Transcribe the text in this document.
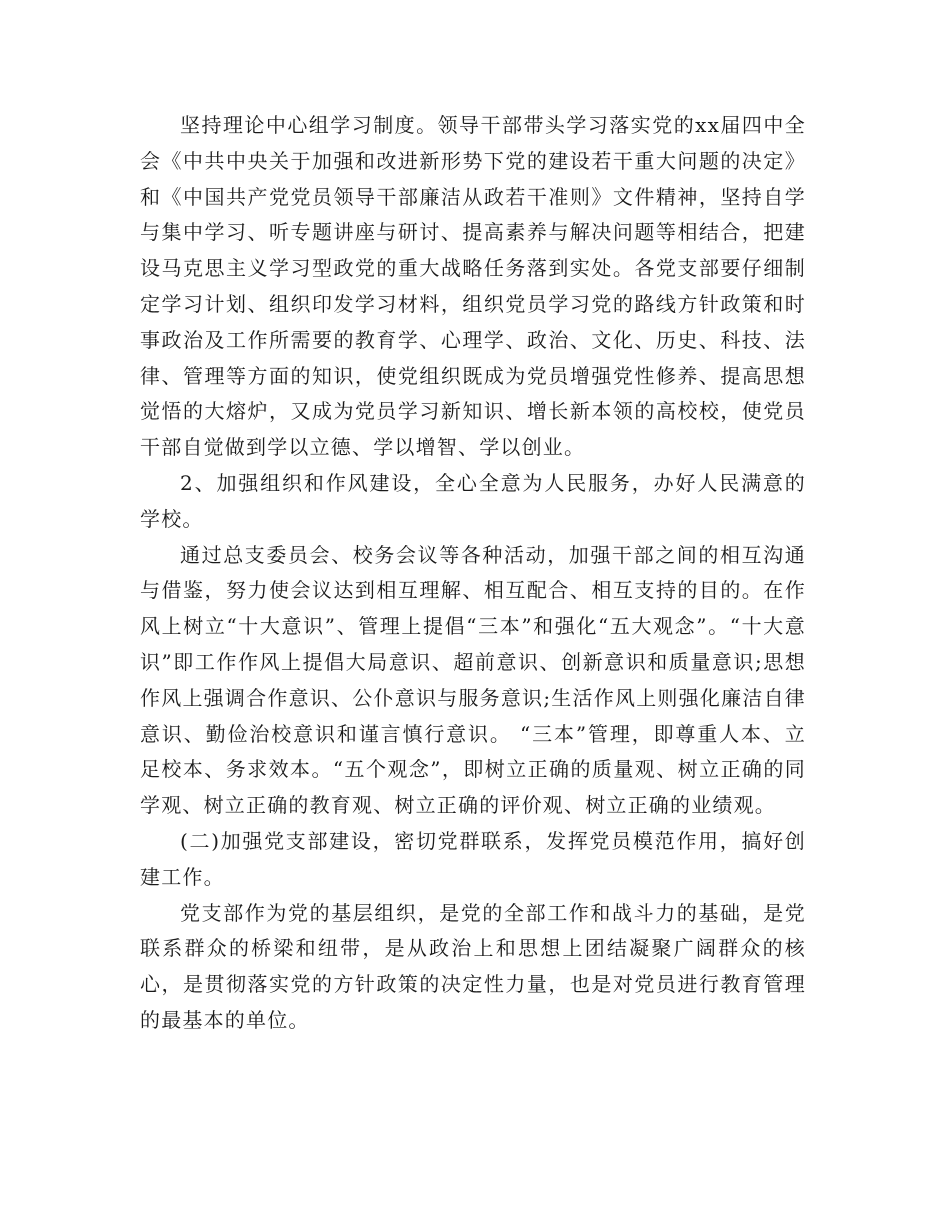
坚持理论中心组学习制度。领导干部带头学习落实党的xx届四中全会《中共中央关于加强和改进新形势下党的建设若干重大问题的决定》和《中国共产党党员领导干部廉洁从政若干准则》文件精神，坚持自学与集中学习、听专题讲座与研讨、提高素养与解决问题等相结合，把建设马克思主义学习型政党的重大战略任务落到实处。各党支部要仔细制定学习计划、组织印发学习材料，组织党员学习党的路线方针政策和时事政治及工作所需要的教育学、心理学、政治、文化、历史、科技、法律、管理等方面的知识，使党组织既成为党员增强党性修养、提高思想觉悟的大熔炉，又成为党员学习新知识、增长新本领的高校校，使党员干部自觉做到学以立德、学以增智、学以创业。

2、加强组织和作风建设，全心全意为人民服务，办好人民满意的学校。

通过总支委员会、校务会议等各种活动，加强干部之间的相互沟通与借鉴，努力使会议达到相互理解、相互配合、相互支持的目的。在作风上树立“十大意识”、管理上提倡“三本”和强化“五大观念”。“十大意识”即工作作风上提倡大局意识、超前意识、创新意识和质量意识;思想作风上强调合作意识、公仆意识与服务意识;生活作风上则强化廉洁自律意识、勤俭治校意识和谨言慎行意识。 “三本”管理，即尊重人本、立足校本、务求效本。“五个观念”，即树立正确的质量观、树立正确的同学观、树立正确的教育观、树立正确的评价观、树立正确的业绩观。

(二)加强党支部建设，密切党群联系，发挥党员模范作用，搞好创建工作。

党支部作为党的基层组织，是党的全部工作和战斗力的基础，是党联系群众的桥梁和纽带，是从政治上和思想上团结凝聚广阔群众的核心，是贯彻落实党的方针政策的决定性力量，也是对党员进行教育管理的最基本的单位。
